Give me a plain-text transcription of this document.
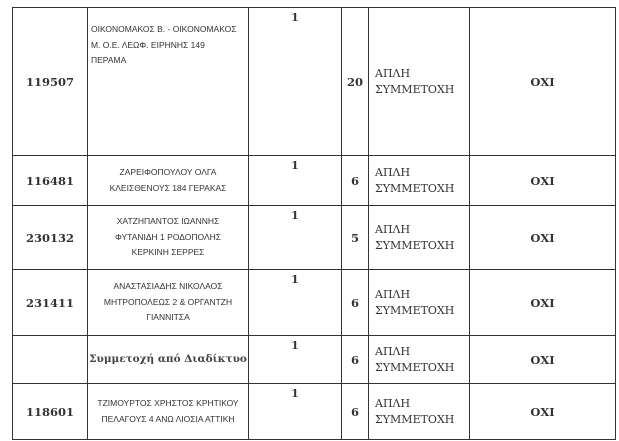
119507	ΟΙΚΟΝΟΜΑΚΟΣ Β. - ΟΙΚΟΝΟΜΑΚΟΣ
Μ. Ο.Ε. ΛΕΩΦ. ΕΙΡΗΝΗΣ 149
ΠΕΡΑΜΑ	1	20	ΑΠΛΗ
ΣΥΜΜΕΤΟΧΗ	ΟΧΙ
116481	ΖΑΡΕΙΦΟΠΟΥΛΟΥ ΟΛΓΑ
ΚΛΕΙΣΘΕΝΟΥΣ 184 ΓΕΡΑΚΑΣ	1	6	ΑΠΛΗ
ΣΥΜΜΕΤΟΧΗ	ΟΧΙ
230132	ΧΑΤΖΗΠΑΝΤΟΣ ΙΩΑΝΝΗΣ
ΦΥΤΑΝΙΔΗ 1 ΡΟΔΟΠΟΛΗΣ
ΚΕΡΚΙΝΗ ΣΕΡΡΕΣ	1	5	ΑΠΛΗ
ΣΥΜΜΕΤΟΧΗ	ΟΧΙ
231411	ΑΝΑΣΤΑΣΙΑΔΗΣ ΝΙΚΟΛΑΟΣ
ΜΗΤΡΟΠΟΛΕΩΣ 2 & ΟΡΓΑΝΤΖΗ
ΓΙΑΝΝΙΤΣΑ	1	6	ΑΠΛΗ
ΣΥΜΜΕΤΟΧΗ	ΟΧΙ

	Συμμετοχή από Διαδίκτυο	1	6	ΑΠΛΗ
ΣΥΜΜΕΤΟΧΗ	ΟΧΙ
118601	ΤΖΙΜΟΥΡΤΟΣ ΧΡΗΣΤΟΣ ΚΡΗΤΙΚΟΥ
ΠΕΛΑΓΟΥΣ 4 ΑΝΩ ΛΙΟΣΙΑ ΑΤΤΙΚΗ	1	6	ΑΠΛΗ
ΣΥΜΜΕΤΟΧΗ	ΟΧΙ
